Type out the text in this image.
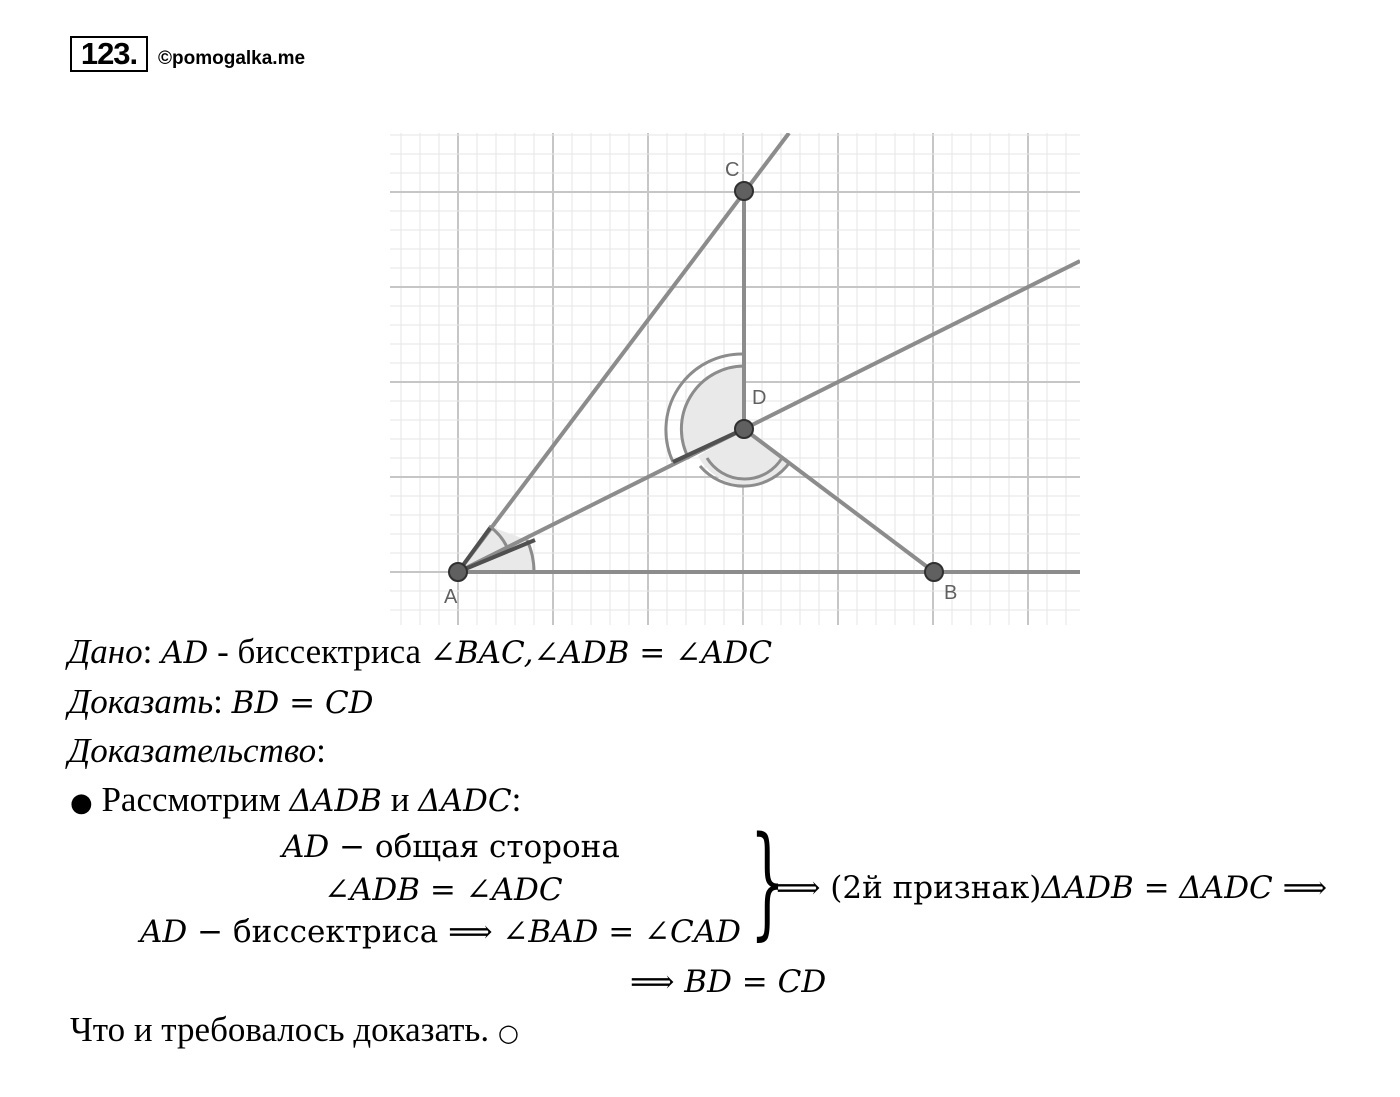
123.	©pomogalka.me
A	B
C
D
Дано: AD - биссектриса ∠BAC,∠ADB = ∠ADC
Доказать: BD = CD
Доказательство:
● Рассмотрим ΔADB и ΔADC:
AD − общая сторона
∠ADB = ∠ADC
AD − биссектриса ⟹ ∠BAD = ∠CAD }
⟹ (2й признак)ΔADB = ΔADC ⟹
⟹ BD = CD
Что и требовалось доказать. ○
